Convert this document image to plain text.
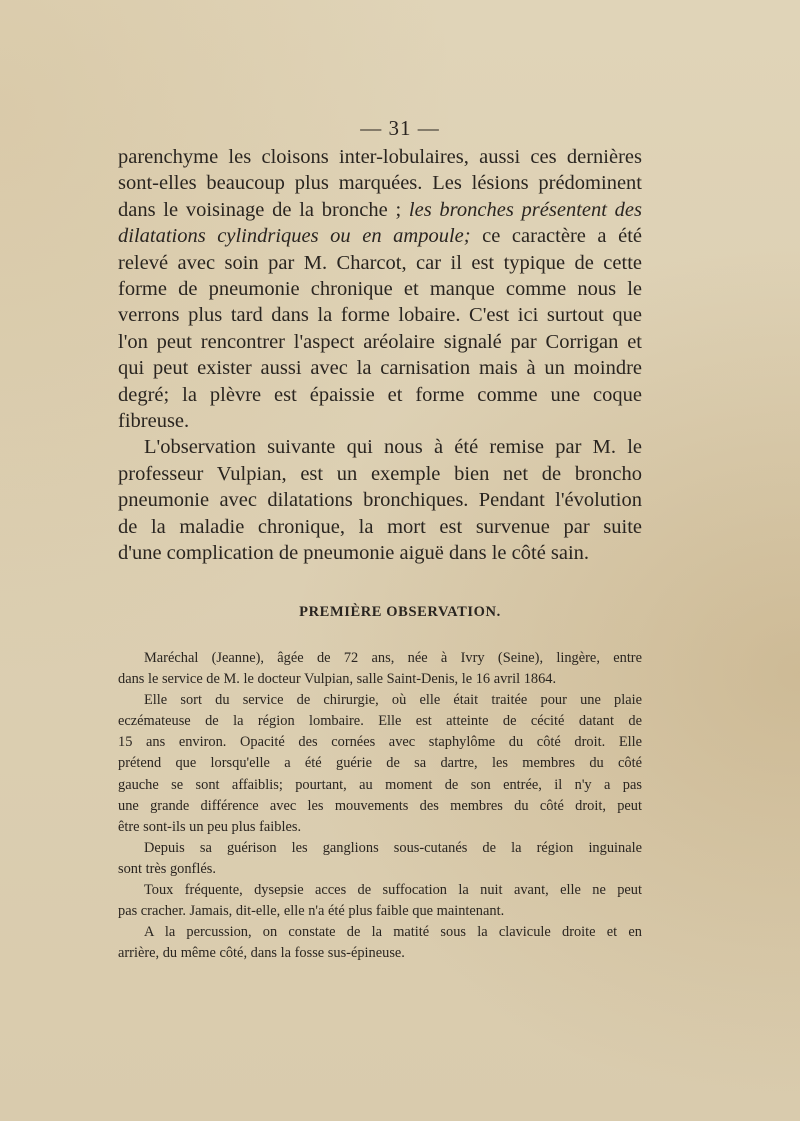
— 31 —

parenchyme les cloisons inter-lobulaires, aussi ces dernières
sont-elles beaucoup plus marquées. Les lésions prédominent
dans le voisinage de la bronche ; les bronches présentent des
dilatations cylindriques ou en ampoule; ce caractère a été
relevé avec soin par M. Charcot, car il est typique de cette
forme de pneumonie chronique et manque comme nous le
verrons plus tard dans la forme lobaire. C'est ici surtout que
l'on peut rencontrer l'aspect aréolaire signalé par Corrigan et
qui peut exister aussi avec la carnisation mais à un moindre
degré; la plèvre est épaissie et forme comme une coque
fibreuse.

L'observation suivante qui nous à été remise par M. le
professeur Vulpian, est un exemple bien net de broncho
pneumonie avec dilatations bronchiques. Pendant l'évolution
de la maladie chronique, la mort est survenue par suite
d'une complication de pneumonie aiguë dans le côté sain.

PREMIÈRE OBSERVATION.
Maréchal (Jeanne), âgée de 72 ans, née à Ivry (Seine), lingère, entre
dans le service de M. le docteur Vulpian, salle Saint-Denis, le 16 avril 1864.
Elle sort du service de chirurgie, où elle était traitée pour une plaie
eczémateuse de la région lombaire. Elle est atteinte de cécité datant de
15 ans environ. Opacité des cornées avec staphylôme du côté droit. Elle
prétend que lorsqu'elle a été guérie de sa dartre, les membres du côté
gauche se sont affaiblis; pourtant, au moment de son entrée, il n'y a pas
une grande différence avec les mouvements des membres du côté droit, peut
être sont-ils un peu plus faibles.
Depuis sa guérison les ganglions sous-cutanés de la région inguinale
sont très gonflés.
Toux fréquente, dysepsie acces de suffocation la nuit avant, elle ne peut
pas cracher. Jamais, dit-elle, elle n'a été plus faible que maintenant.
A la percussion, on constate de la matité sous la clavicule droite et en
arrière, du même côté, dans la fosse sus-épineuse.
